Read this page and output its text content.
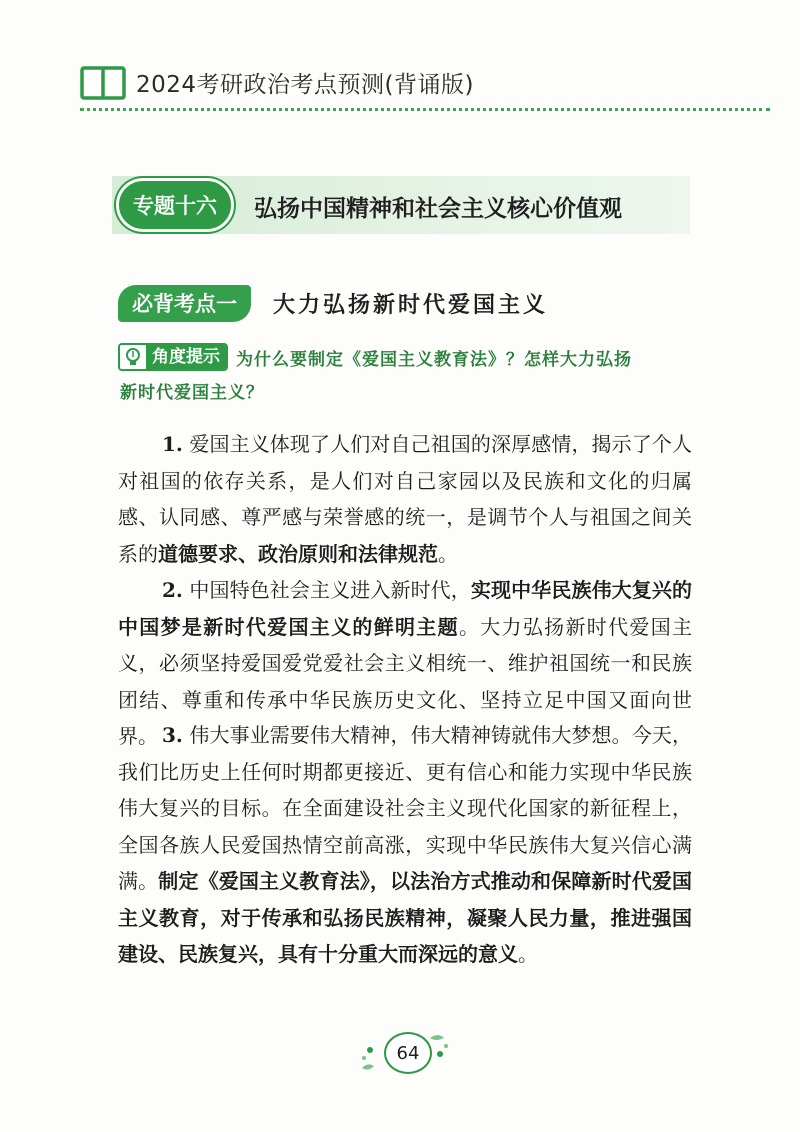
2024考研政治考点预测(背诵版)
专题十六	弘扬中国精神和社会主义核心价值观
必背考点一	大力弘扬新时代爱国主义
角度提示 为什么要制定《爱国主义教育法》？怎样大力弘扬
新时代爱国主义？
1. 爱国主义体现了人们对自己祖国的深厚感情，揭示了个人对祖国的依存关系，是人们对自己家园以及民族和文化的归属感、认同感、尊严感与荣誉感的统一，是调节个人与祖国之间关系的道德要求、政治原则和法律规范。
2. 中国特色社会主义进入新时代，实现中华民族伟大复兴的中国梦是新时代爱国主义的鲜明主题。大力弘扬新时代爱国主义，必须坚持爱国爱党爱社会主义相统一、维护祖国统一和民族团结、尊重和传承中华民族历史文化、坚持立足中国又面向世界。 3. 伟大事业需要伟大精神，伟大精神铸就伟大梦想。今天，我们比历史上任何时期都更接近、更有信心和能力实现中华民族伟大复兴的目标。在全面建设社会主义现代化国家的新征程上，全国各族人民爱国热情空前高涨，实现中华民族伟大复兴信心满满。制定《爱国主义教育法》，以法治方式推动和保障新时代爱国主义教育，对于传承和弘扬民族精神，凝聚人民力量，推进强国建设、民族复兴，具有十分重大而深远的意义。
64
